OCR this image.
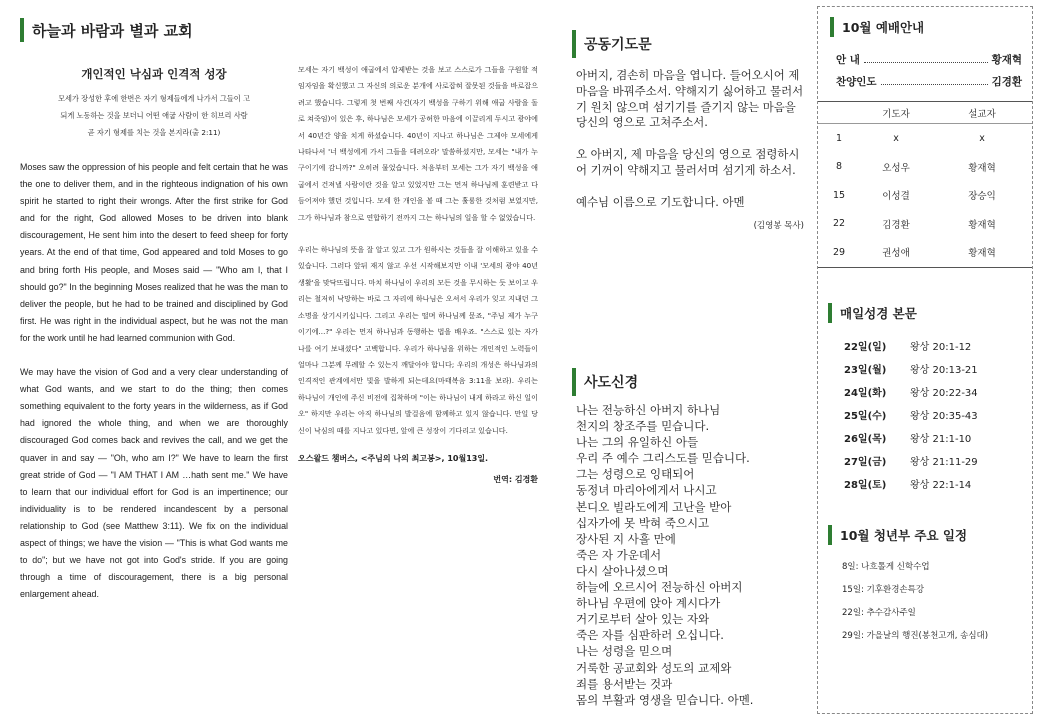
하늘과 바람과 별과 교회
개인적인 낙심과 인격적 성장
모세가 장성한 후에 한번은 자기 형제들에게 나가서 그들이 고
되게 노동하는 것을 보더니 어떤 애굽 사람이 한 히브리 사람
곧 자기 형제를 치는 것을 본지라(출 2:11)

Moses saw the oppression of his people and felt certain that he was the one to deliver them, and in the righteous indignation of his own spirit he started to right their wrongs. After the first strike for God and for the right, God allowed Moses to be driven into blank discouragement, He sent him into the desert to feed sheep for forty years. At the end of that time, God appeared and told Moses to go and bring forth His people, and Moses said — "Who am I, that I should go?" In the beginning Moses realized that he was the man to deliver the people, but he had to be trained and disciplined by God first. He was right in the individual aspect, but he was not the man for the work until he had learned communion with God.

We may have the vision of God and a very clear understanding of what God wants, and we start to do the thing; then comes something equivalent to the forty years in the wilderness, as if God had ignored the whole thing, and when we are thoroughly discouraged God comes back and revives the call, and we get the quaver in and say — "Oh, who am I?" We have to learn the first great stride of God — "I AM THAT I AM …hath sent me." We have to learn that our individual effort for God is an impertinence; our individuality is to be rendered incandescent by a personal relationship to God (see Matthew 3:11). We fix on the individual aspect of things; we have the vision — "This is what God wants me to do"; but we have not got into God's stride. If you are going through a time of discouragement, there is a big personal enlargement ahead.

모세는 자기 백성이 애굽에서 압제받는 것을 보고 스스로가 그들을 구원할 적임자임을 확신했고 그 자신의 의로운 분개에 사로잡혀 잘못된 것들을 바로잡으려고 했습니다. 그렇게 첫 번째 사건(자기 백성을 구하기 위해 애굽 사람을 돌로 쳐죽임)이 있은 후, 하나님은 모세가 공허한 마음에 이끌리게 두시고 광야에서 40년간 양을 치게 하셨습니다. 40년이 지나고 하나님은 그제야 모세에게 나타나셔 '너 백성에게 가서 그들을 데려오라' 말씀하셨지만, 모세는 "내가 누구이기에 감니까?" 오히려 물었습니다. 처음부터 모세는 그가 자기 백성을 애굽에서 건져낼 사람이란 것을 알고 있었지만 그는 먼저 하나님께 훈련받고 다듬어져야 했던 것입니다. 모세 한 개인을 볼 때 그는 훌륭한 것처럼 보였지만, 그가 하나님과 참으로 연합하기 전까지 그는 하나님의 일을 할 수 없었습니다.

우리는 하나님의 뜻을 잘 알고 있고 그가 원하시는 것들을 잘 이해하고 있을 수 있습니다. 그러다 앞뒤 재지 않고 우선 시작해보지만 이내 '모세의 광야 40년 생활'을 맞닥뜨립니다. 마치 하나님이 우리의 모든 것을 무시하는 듯 보이고 우리는 철저히 낙망하는 바로 그 자리에 하나님은 오셔서 우리가 잊고 지내던 그 소명을 상기시키십니다. 그리고 우리는 떨며 하나님께 묻죠, "주님 제가 누구이기에...?" 우리는 먼저 하나님과 동행하는 법을 배우죠. "스스로 있는 자가 나를 여기 보내셨다" 고백합니다. 우리가 하나님을 위하는 개인적인 노력들이 얼마나 그분께 무례할 수 있는지 깨달아야 합니다; 우리의 개성은 하나님과의 인격적인 관계에서만 빛을 발하게 되는데요(마태복음 3:11을 보라). 우리는 하나님이 개인에 주신 비전에 집착하며 "이는 하나님이 내게 하라고 하신 일이오" 하지만 우리는 아직 하나님의 발걸음에 함께하고 있지 않습니다. 만일 당신이 낙심의 때를 지나고 있다면, 앞에 큰 성장이 기다리고 있습니다.

오스왈드 챔버스, <주님의 나의 최고봉>, 10월13일.
번역: 김경환
공동기도문

아버지, 겸손히 마음을 엽니다. 들어오시어 제 마음을 바꿔주소서. 약해지기 싫어하고 물러서기 원치 않으며 섬기기를 즐기지 않는 마음을 당신의 영으로 고쳐주소서.

오 아버지, 제 마음을 당신의 영으로 점령하시어 기꺼이 약해지고 물러서며 섬기게 하소서.

예수님 이름으로 기도합니다. 아멘

(김영봉 목사)
사도신경
나는 전능하신 아버지 하나님
천지의 창조주를 믿습니다.
나는 그의 유일하신 아들
우리 주 예수 그리스도를 믿습니다.
그는 성령으로 잉태되어
동정녀 마리아에게서 나시고
본디오 빌라도에게 고난을 받아
십자가에 못 박혀 죽으시고
장사된 지 사흘 만에
죽은 자 가운데서
다시 살아나셨으며
하늘에 오르시어 전능하신 아버지
하나님 우편에 앉아 계시다가
거기로부터 살아 있는 자와
죽은 자를 심판하러 오십니다.
나는 성령을 믿으며
거룩한 공교회와 성도의 교제와
죄를 용서받는 것과
몸의 부활과 영생을 믿습니다. 아멘.
10월 예배안내
안 내	황재혁
찬양인도	김경환
기도자	설교자
1	x	x
8	오성우	황재혁
15	이성결	장승익
22	김경환	황재혁
29	권성애	황재혁
매일성경 본문
22일(일)	왕상 20:1-12
23일(월)	왕상 20:13-21
24일(화)	왕상 20:22-34
25일(수)	왕상 20:35-43
26일(목)	왕상 21:1-10
27일(금)	왕상 21:11-29
28일(토)	왕상 22:1-14
10월 청년부 주요 일정
8일: 나흐톨게 신학수업
15일: 기후환경손특강
22일: 추수감사주일
29일: 가을날의 행진(봉천고개, 송심대)
